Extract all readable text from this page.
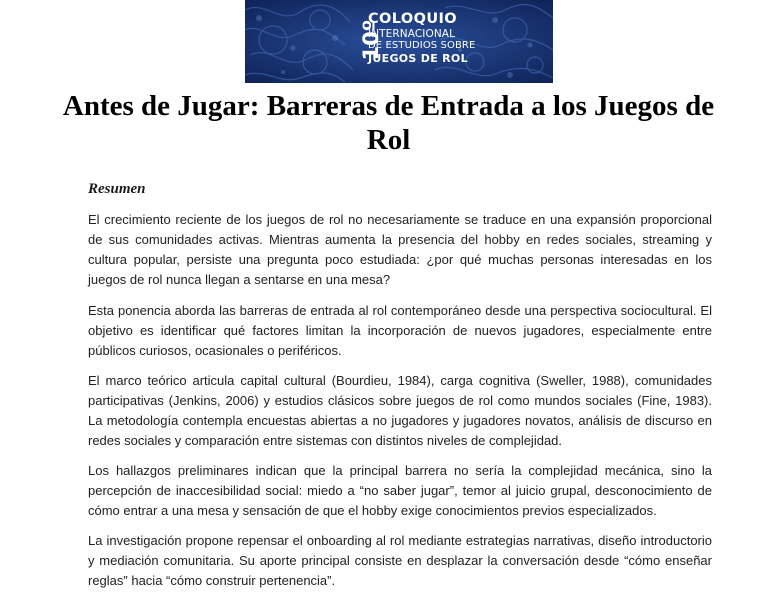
10º
COLOQUIO
INTERNACIONAL
DE ESTUDIOS SOBRE
JUEGOS DE ROL
Antes de Jugar: Barreras de Entrada a los Juegos de Rol
Resumen

El crecimiento reciente de los juegos de rol no necesariamente se traduce en una expansión proporcional de sus comunidades activas. Mientras aumenta la presencia del hobby en redes sociales, streaming y cultura popular, persiste una pregunta poco estudiada: ¿por qué muchas personas interesadas en los juegos de rol nunca llegan a sentarse en una mesa?

Esta ponencia aborda las barreras de entrada al rol contemporáneo desde una perspectiva sociocultural. El objetivo es identificar qué factores limitan la incorporación de nuevos jugadores, especialmente entre públicos curiosos, ocasionales o periféricos.

El marco teórico articula capital cultural (Bourdieu, 1984), carga cognitiva (Sweller, 1988), comunidades participativas (Jenkins, 2006) y estudios clásicos sobre juegos de rol como mundos sociales (Fine, 1983). La metodología contempla encuestas abiertas a no jugadores y jugadores novatos, análisis de discurso en redes sociales y comparación entre sistemas con distintos niveles de complejidad.

Los hallazgos preliminares indican que la principal barrera no sería la complejidad mecánica, sino la percepción de inaccesibilidad social: miedo a “no saber jugar”, temor al juicio grupal, desconocimiento de cómo entrar a una mesa y sensación de que el hobby exige conocimientos previos especializados.

La investigación propone repensar el onboarding al rol mediante estrategias narrativas, diseño introductorio y mediación comunitaria. Su aporte principal consiste en desplazar la conversación desde “cómo enseñar reglas” hacia “cómo construir pertenencia”.
